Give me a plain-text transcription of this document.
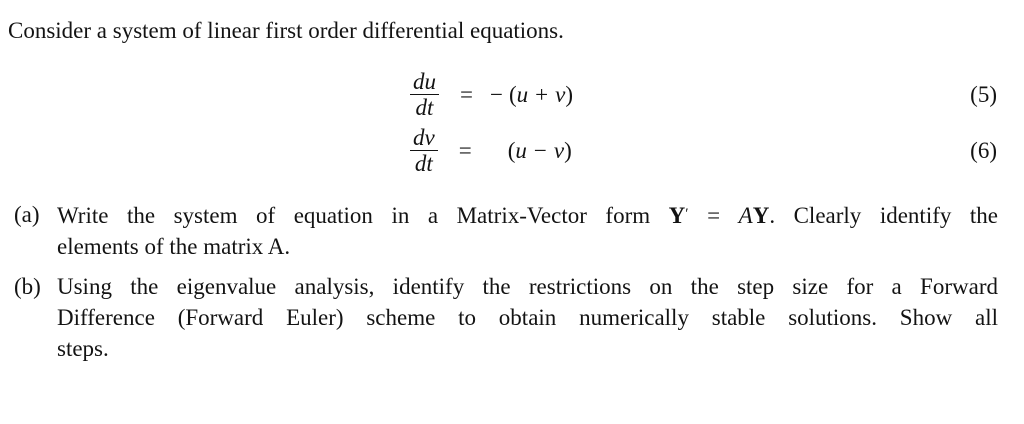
Consider a system of linear first order differential equations.
$\frac{du}{dt}$ = − (u + v)	(5)
$\frac{dv}{dt} = (u - v)$	(6)
(a) Write the system of equation in a Matrix-Vector form Y′ = AY. Clearly identify the
elements of the matrix A.
(b) Using the eigenvalue analysis, identify the restrictions on the step size for a Forward
Difference (Forward Euler) scheme to obtain numerically stable solutions. Show all
steps.
